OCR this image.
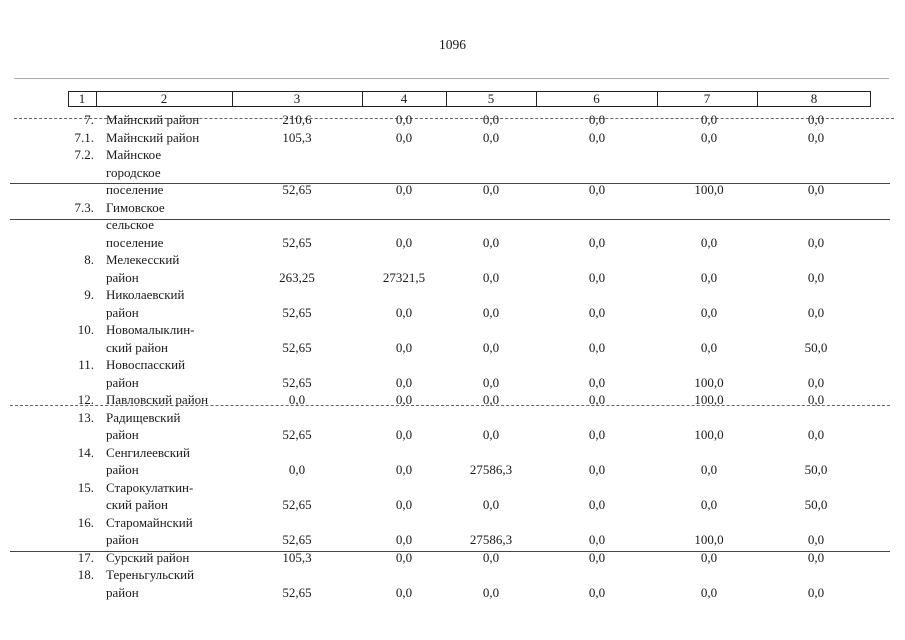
1096
1	2	3	4	5	6	7	8
7. Майнский район	210,6	0,0	0,0	0,0	0,0	0,0
7.1. Майнский район	105,3	0,0	0,0	0,0	0,0	0,0
7.2. Майнское
городское
поселение	52,65	0,0	0,0	0,0	100,0	0,0
7.3. Гимовское
сельское
поселение	52,65	0,0	0,0	0,0	0,0	0,0
8. Мелекесский
район	263,25	27321,5	0,0	0,0	0,0	0,0
9. Николаевский
район	52,65	0,0	0,0	0,0	0,0	0,0
10. Новомалыклин-
ский район	52,65	0,0	0,0	0,0	0,0	50,0
11. Новоспасский
район	52,65	0,0	0,0	0,0	100,0	0,0
12. Павловский район	0,0	0,0	0,0	0,0	100,0	0,0
13. Радищевский
район	52,65	0,0	0,0	0,0	100,0	0,0
14. Сенгилеевский
район	0,0	0,0	27586,3	0,0	0,0	50,0
15. Старокулаткин-
ский район	52,65	0,0	0,0	0,0	0,0	50,0
16. Старомайнский
район	52,65	0,0	27586,3	0,0	100,0	0,0
17. Сурский район	105,3	0,0	0,0	0,0	0,0	0,0
18. Тереньгульский
район	52,65	0,0	0,0	0,0	0,0	0,0
